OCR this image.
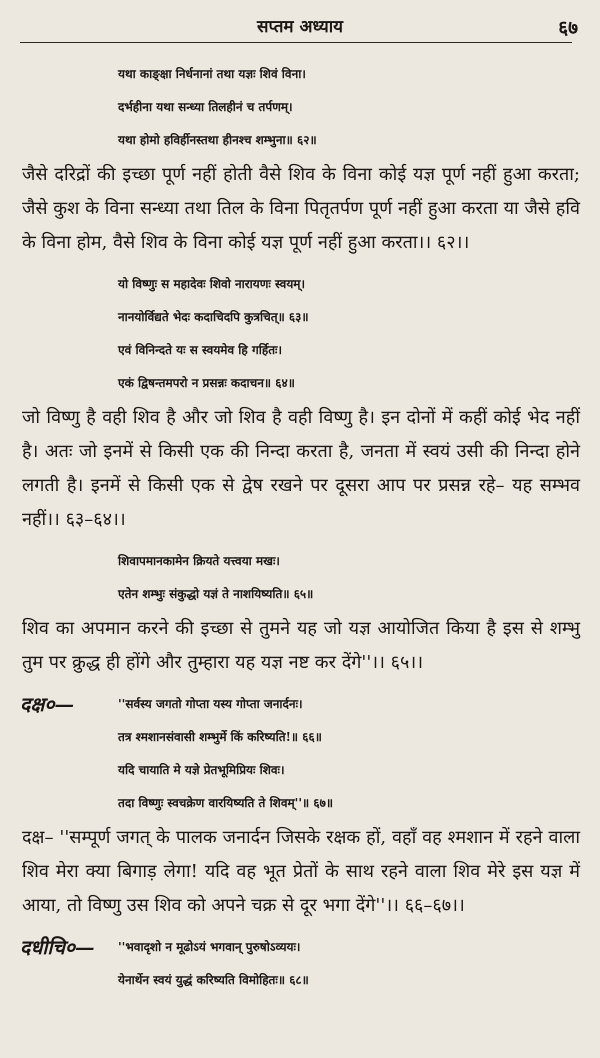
सप्तम अध्याय	६७
यथा काङ्क्षा निर्धनानां तथा यज्ञः शिवं विना।
दर्भहीना यथा सन्ध्या तिलहीनं च तर्पणम्।
यथा होमो हविर्हीनस्तथा हीनश्च शम्भुना॥ ६२॥
जैसे दरिद्रों की इच्छा पूर्ण नहीं होती वैसे शिव के विना कोई यज्ञ पूर्ण नहीं हुआ करता; जैसे कुश के विना सन्ध्या तथा तिल के विना पितृतर्पण पूर्ण नहीं हुआ करता या जैसे हवि के विना होम, वैसे शिव के विना कोई यज्ञ पूर्ण नहीं हुआ करता।। ६२।।
यो विष्णुः स महादेवः शिवो नारायणः स्वयम्।
नानयोर्विद्यते भेदः कदाचिदपि कुत्रचित्॥ ६३॥
एवं विनिन्दते यः स स्वयमेव हि गर्हितः।
एकं द्विषन्तमपरो न प्रसन्नः कदाचन॥ ६४॥
जो विष्णु है वही शिव है और जो शिव है वही विष्णु है। इन दोनों में कहीं कोई भेद नहीं है। अतः जो इनमें से किसी एक की निन्दा करता है, जनता में स्वयं उसी की निन्दा होने लगती है। इनमें से किसी एक से द्वेष रखने पर दूसरा आप पर प्रसन्न रहे– यह सम्भव नहीं।। ६३–६४।।
शिवापमानकामेन क्रियते यत्त्वया मखः।
एतेन शम्भुः संकुद्धो यज्ञं ते नाशयिष्यति॥ ६५॥
शिव का अपमान करने की इच्छा से तुमने यह जो यज्ञ आयोजित किया है इस से शम्भु तुम पर क्रुद्ध ही होंगे और तुम्हारा यह यज्ञ नष्ट कर देंगे''।। ६५।।
दक्ष०—	''सर्वस्य जगतो गोप्ता यस्य गोप्ता जनार्दनः।
तत्र श्मशानसंवासी शम्भुर्मे किं करिष्यति!॥ ६६॥
यदि चायाति मे यज्ञे प्रेतभूमिप्रियः शिवः।
तदा विष्णुः स्वचक्रेण वारयिष्यति ते शिवम्''॥ ६७॥
दक्ष– ''सम्पूर्ण जगत् के पालक जनार्दन जिसके रक्षक हों, वहाँ वह श्मशान में रहने वाला शिव मेरा क्या बिगाड़ लेगा! यदि वह भूत प्रेतों के साथ रहने वाला शिव मेरे इस यज्ञ में आया, तो विष्णु उस शिव को अपने चक्र से दूर भगा देंगे''।। ६६–६७।।
दधीचि०—	''भवादृशो न मूढोऽयं भगवान् पुरुषोऽव्ययः।
येनार्थेन स्वयं युद्धं करिष्यति विमोहितः॥ ६८॥
